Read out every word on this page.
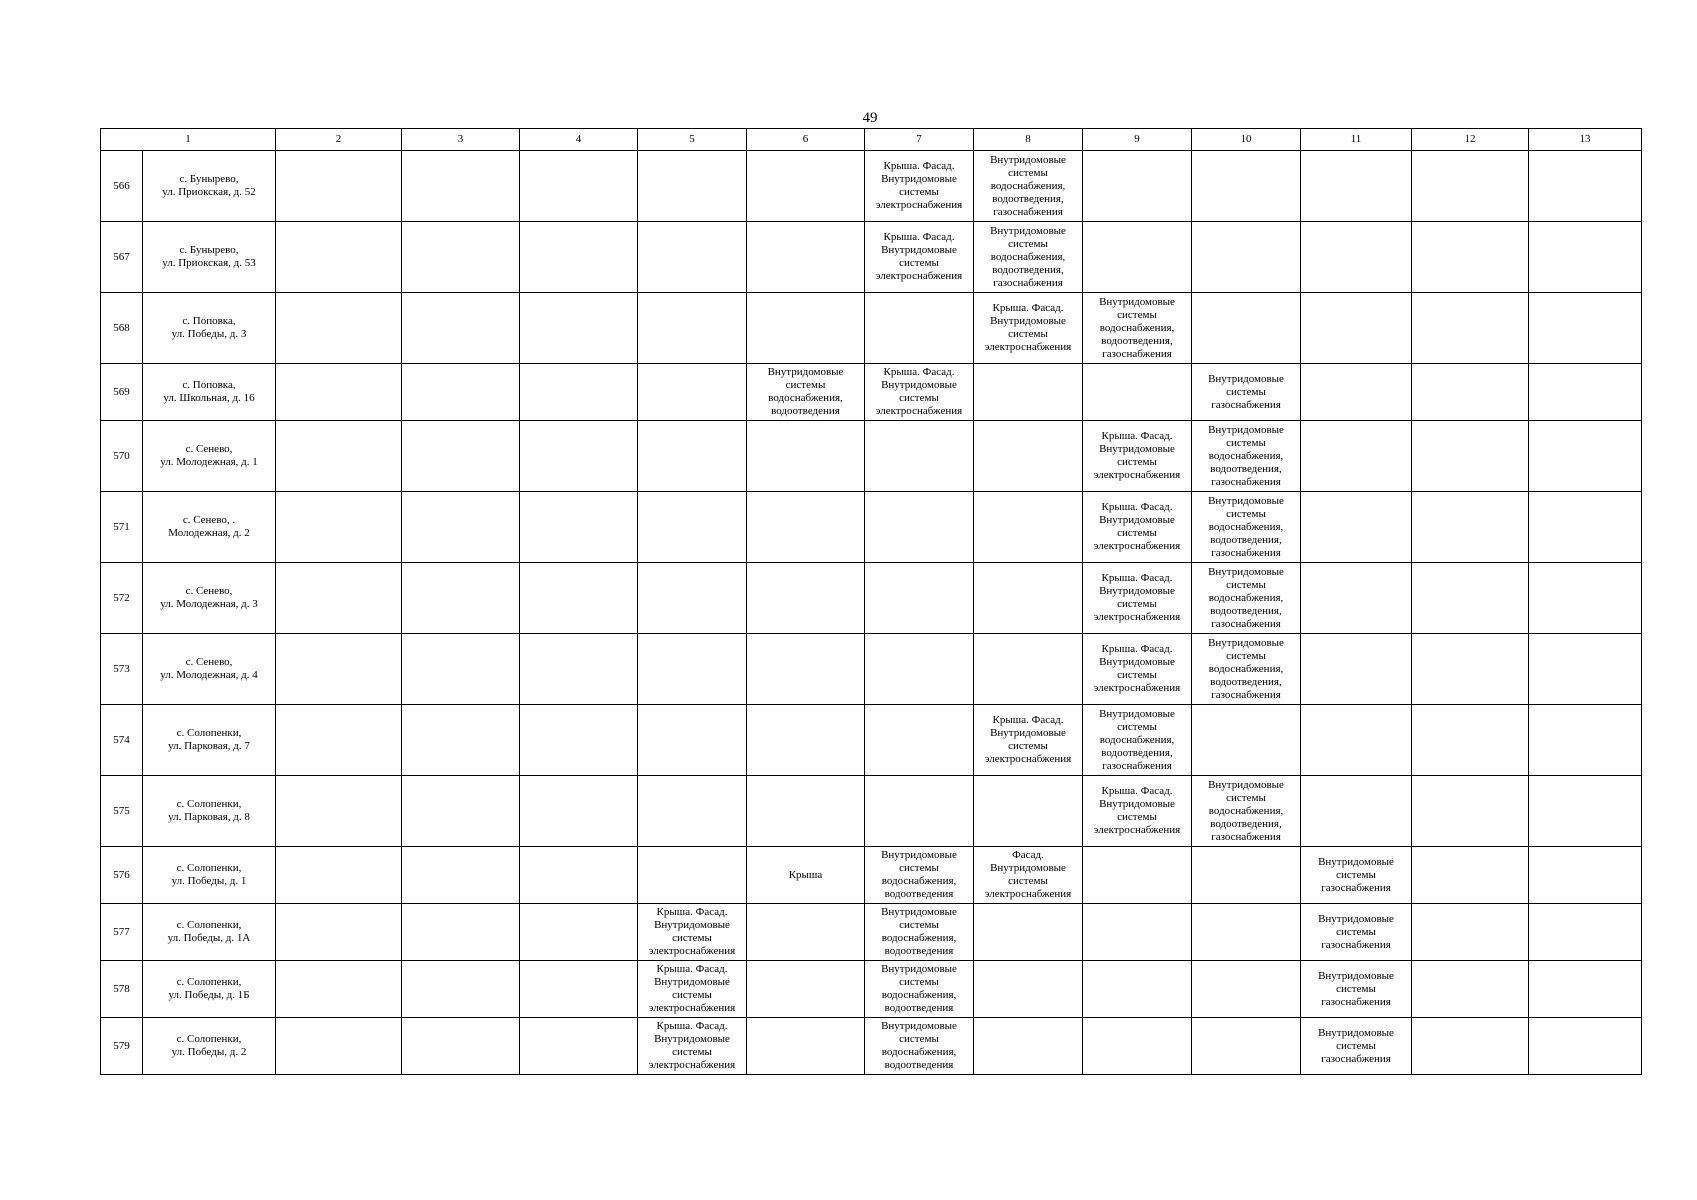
49
1		2	3	4	5	6	7	8	9	10	11	12	13
566	с. Бунырево,
ул. Приокская, д. 52						Крыша. Фасад.
Внутридомовые
системы
электроснабжения	Внутридомовые
системы
водоснабжения,
водоотведения,
газоснабжения					
567	с. Бунырево,
ул. Приокская, д. 53						Крыша. Фасад.
Внутридомовые
системы
электроснабжения	Внутридомовые
системы
водоснабжения,
водоотведения,
газоснабжения					
568	с. Поповка,
ул. Победы, д. 3							Крыша. Фасад.
Внутридомовые
системы
электроснабжения	Внутридомовые
системы
водоснабжения,
водоотведения,
газоснабжения				
569	с. Поповка,
ул. Школьная, д. 16					Внутридомовые
системы
водоснабжения,
водоотведения	Крыша. Фасад.
Внутридомовые
системы
электроснабжения			Внутридомовые
системы
газоснабжения			
570	с. Сенево,
ул. Молодежная, д. 1								Крыша. Фасад.
Внутридомовые
системы
электроснабжения	Внутридомовые
системы
водоснабжения,
водоотведения,
газоснабжения			
571	с. Сенево, .
Молодежная, д. 2								Крыша. Фасад.
Внутридомовые
системы
электроснабжения	Внутридомовые
системы
водоснабжения,
водоотведения,
газоснабжения			
572	с. Сенево,
ул. Молодежная, д. 3								Крыша. Фасад.
Внутридомовые
системы
электроснабжения	Внутридомовые
системы
водоснабжения,
водоотведения,
газоснабжения			
573	с. Сенево,
ул. Молодежная, д. 4								Крыша. Фасад.
Внутридомовые
системы
электроснабжения	Внутридомовые
системы
водоснабжения,
водоотведения,
газоснабжения			
574	с. Солопенки,
ул. Парковая, д. 7							Крыша. Фасад.
Внутридомовые
системы
электроснабжения	Внутридомовые
системы
водоснабжения,
водоотведения,
газоснабжения				
575	с. Солопенки,
ул. Парковая, д. 8								Крыша. Фасад.
Внутридомовые
системы
электроснабжения	Внутридомовые
системы
водоснабжения,
водоотведения,
газоснабжения			
576	с. Солопенки,
ул. Победы, д. 1					Крыша	Внутридомовые
системы
водоснабжения,
водоотведения	Фасад.
Внутридомовые
системы
электроснабжения			Внутридомовые
системы
газоснабжения		
577	с. Солопенки,
ул. Победы, д. 1А				Крыша. Фасад.
Внутридомовые
системы
электроснабжения		Внутридомовые
системы
водоснабжения,
водоотведения				Внутридомовые
системы
газоснабжения		
578	с. Солопенки,
ул. Победы, д. 1Б				Крыша. Фасад.
Внутридомовые
системы
электроснабжения		Внутридомовые
системы
водоснабжения,
водоотведения				Внутридомовые
системы
газоснабжения		
579	с. Солопенки,
ул. Победы, д. 2				Крыша. Фасад.
Внутридомовые
системы
электроснабжения		Внутридомовые
системы
водоснабжения,
водоотведения				Внутридомовые
системы
газоснабжения		
